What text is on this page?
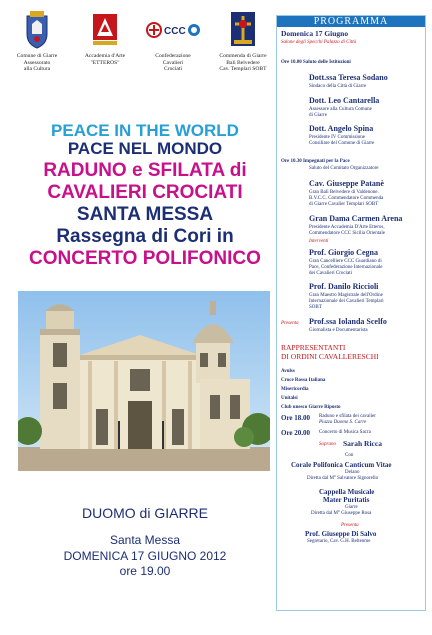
Comune di Giarre
Assessorato
alla Cultura
Accademia d'Arte
"ETTEROS"
CCC
Confederazione
Cavalieri
Crociati
Commenda di Giarre
Bali Belvedere
Cav. Templari SOBT
PEACE IN THE WORLD
PACE NEL MONDO
RADUNO e SFILATA di
CAVALIERI CROCIATI
SANTA MESSA
Rassegna di Cori in
CONCERTO POLIFONICO
DUOMO di GIARRE
Santa Messa
DOMENICA 17 GIUGNO 2012
ore 19.00
PROGRAMMA
Domenica 17 Giugno
Salone degli Specchi Palazzo di Città
Ore 10.00 Saluto delle Istituzioni
Dott.ssa Teresa Sodano
Sindaco della Città di Giarre
Dott. Leo Cantarella
Assessore alla Cultura Comune
di Giarre
Dott. Angelo Spina
Presidente IV Commissione
Consiliare del Comune di Giarre
Ore 10.30 Impegnati per la Pace
Saluto del Comitato Organizzatore
Cav. Giuseppe Patanè
Gran Balì Belvedere di Valdenone.
B.V.C.C. Commendatore Commenda
di Giarre Cavalier Templari SOBT
Gran Dama Carmen Arena
Presidente Accademia D'Arte Etteros,
Commendatore CCC Sicilia Orientale
Interventi
Prof. Giorgio Cegna
Gran Cancelliere CCC Guardiano di
Pace, Confederazione Internazionale
dei Cavalieri Crociati
Prof. Danilo Riccioli
Gran Maestro Magistrale dell'Ordine
Internazionale dei Cavalieri Templari
SOBT
Presenta Prof.ssa Iolanda Scelfo
Giornalista e Documentarista
RAPPRESENTANTI
DI ORDINI CAVALLERESCHI
Avulss
Croce Rossa Italiana
Misericordia
Unitalsi
Club unesco Giarre Riposto
Ore 18.00 Raduno e sfilata dei cavalier
Piazza Duomo S. Carre
Ore 20.00 Concerto di Musica Sacra
Soprano Sarah Ricca
Con
Corale Polifonica Canticum Vitae
Delano
Diretta dal M° Salvatore Signorello
Cappella Musicale
Mater Puritatis
Giarre
Diretta dal M° Giuseppe Rosa
Presenta
Prof. Giuseppe Di Salvo
Segretario, Cav. G.H. Beltenme
